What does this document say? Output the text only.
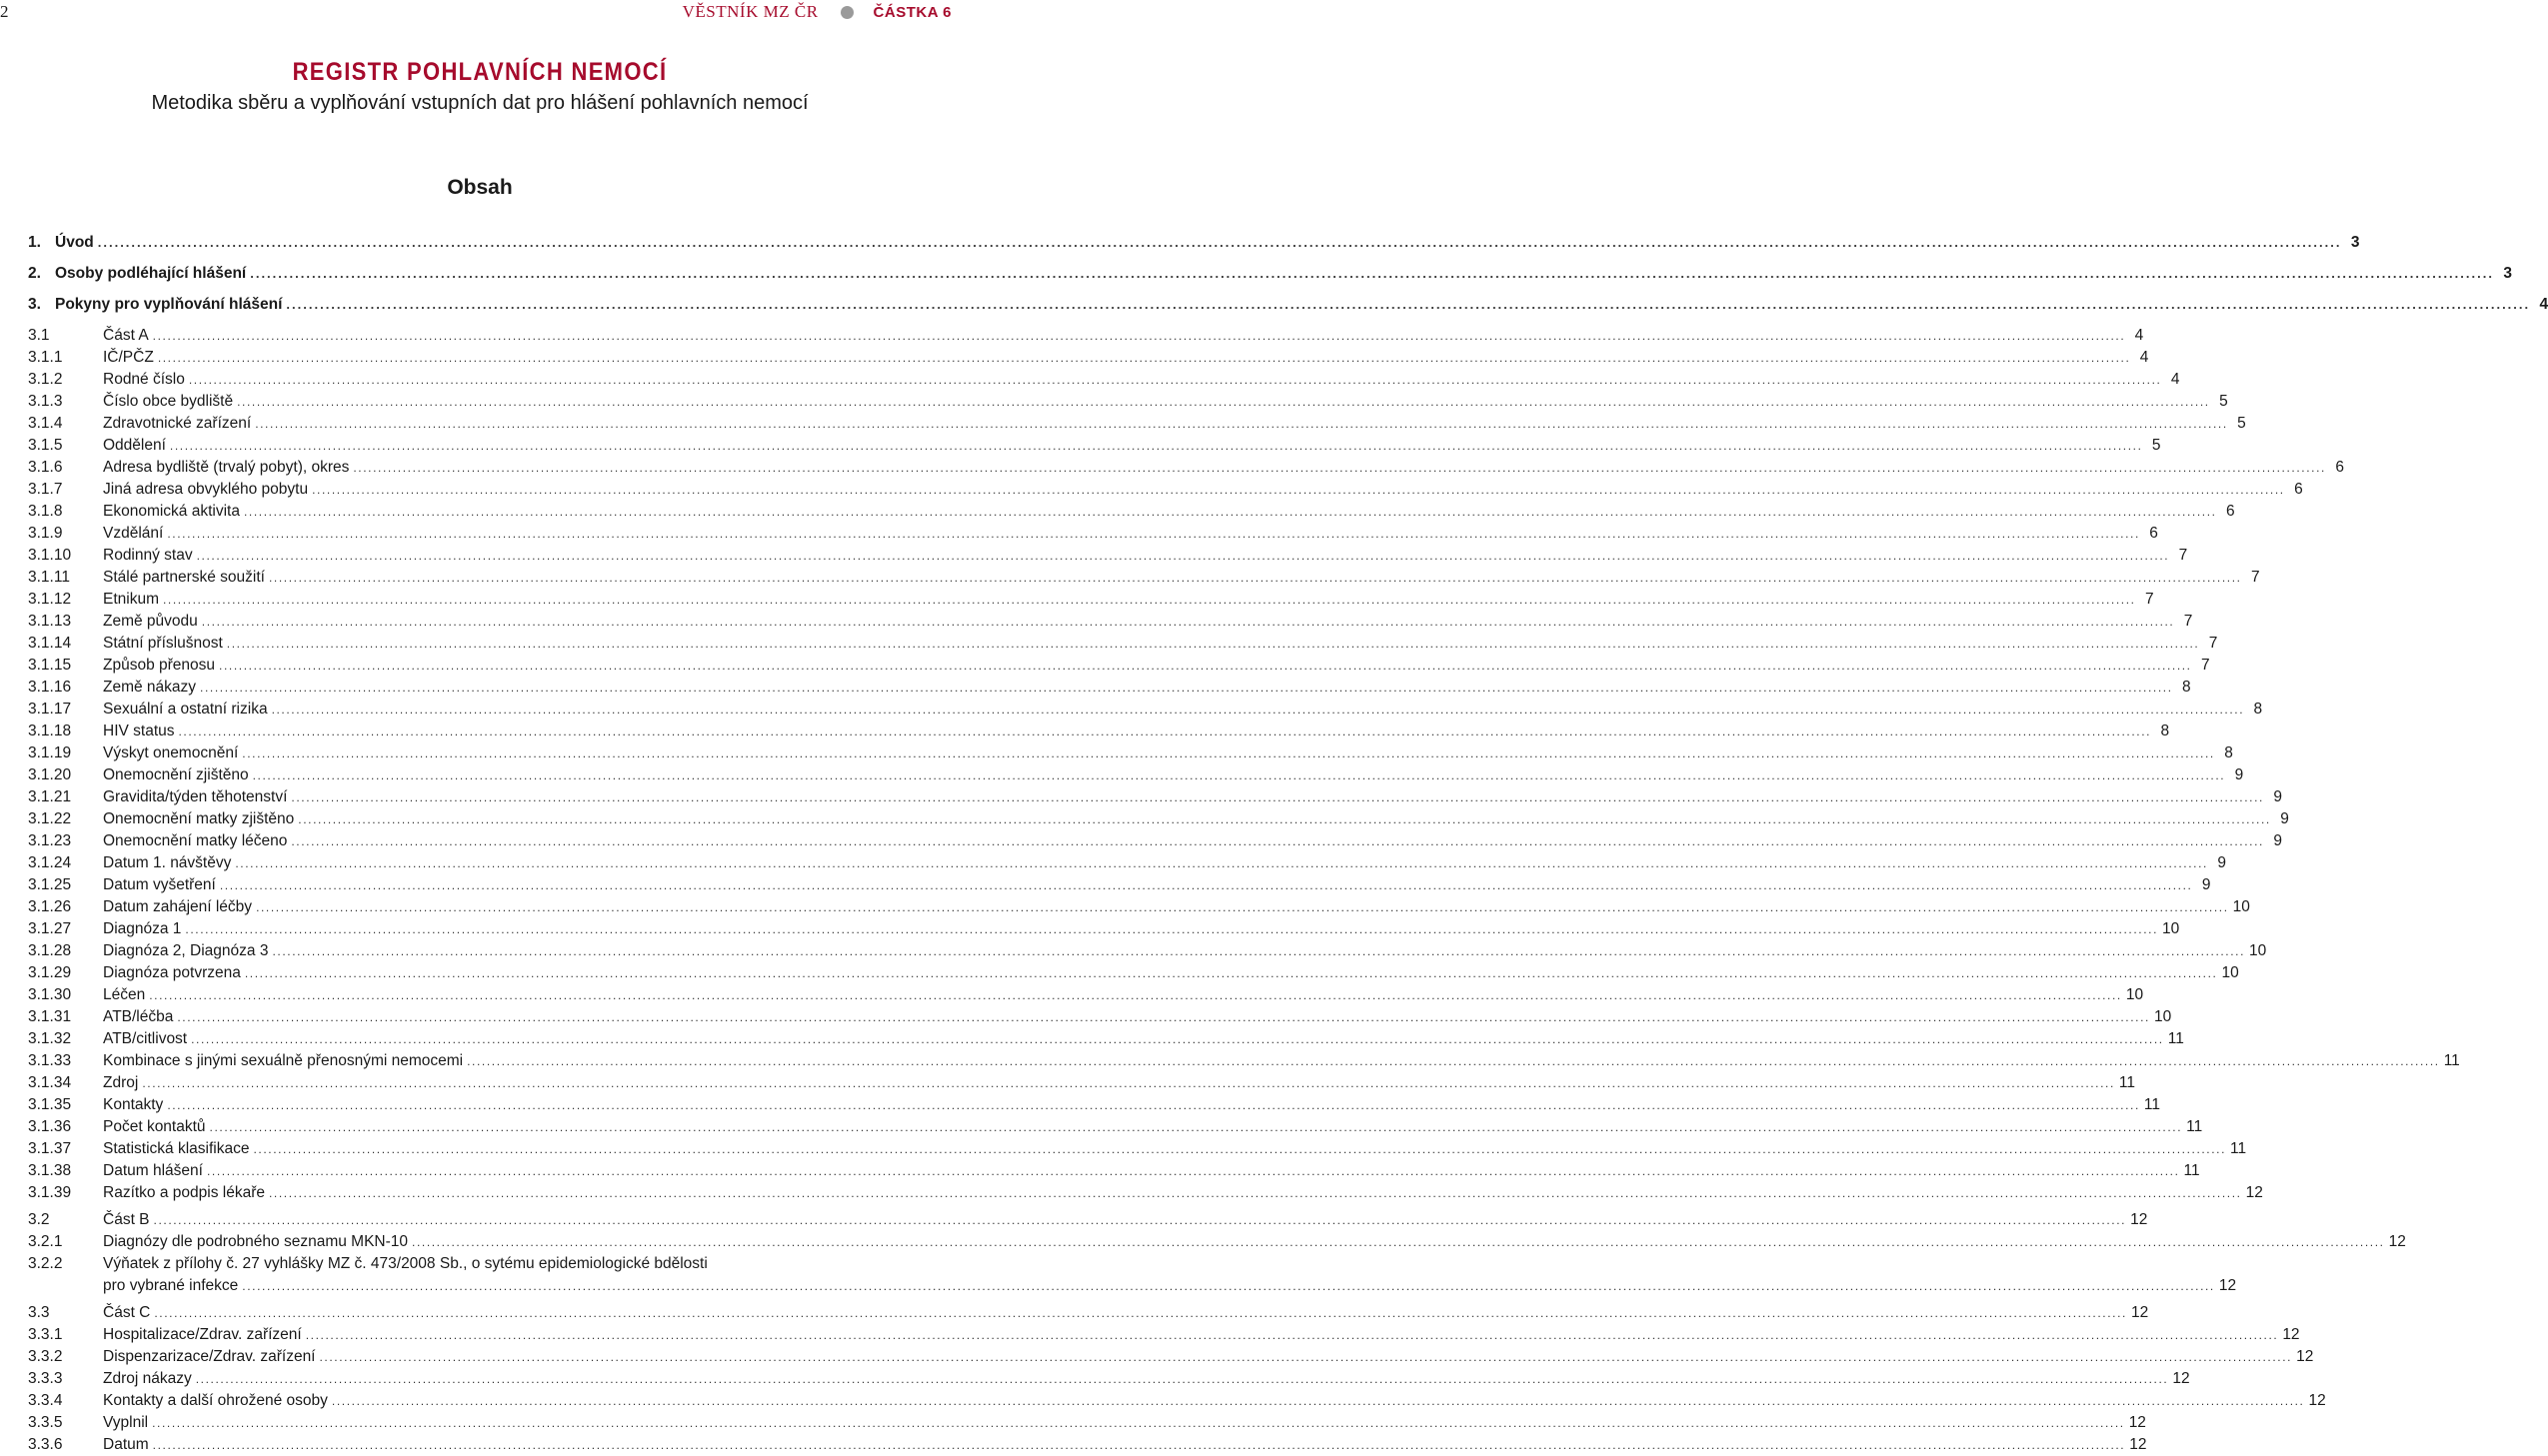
2	VĚSTNÍK MZ ČR	ČÁSTKA 6
REGISTR POHLAVNÍCH NEMOCÍ
Metodika sběru a vyplňování vstupních dat pro hlášení pohlavních nemocí
Obsah
1. Úvod ................................................................................................................................................................................................................................................................................................................................................................................................................ 3
2. Osoby podléhající hlášení ................................................................................................................................................................................................................................................................................................................................................................................................................ 3
3. Pokyny pro vyplňování hlášení ................................................................................................................................................................................................................................................................................................................................................................................................................ 4
3.1	Část A ................................................................................................................................................................................................................................................................................................................................................................................................................ 4
3.1.1	IČ/PČZ ................................................................................................................................................................................................................................................................................................................................................................................................................ 4
3.1.2	Rodné číslo ................................................................................................................................................................................................................................................................................................................................................................................................................ 4
3.1.3	Číslo obce bydliště ................................................................................................................................................................................................................................................................................................................................................................................................................ 5
3.1.4	Zdravotnické zařízení ................................................................................................................................................................................................................................................................................................................................................................................................................ 5
3.1.5	Oddělení ................................................................................................................................................................................................................................................................................................................................................................................................................ 5
3.1.6	Adresa bydliště (trvalý pobyt), okres ................................................................................................................................................................................................................................................................................................................................................................................................................ 6
3.1.7	Jiná adresa obvyklého pobytu ................................................................................................................................................................................................................................................................................................................................................................................................................ 6
3.1.8	Ekonomická aktivita ................................................................................................................................................................................................................................................................................................................................................................................................................ 6
3.1.9	Vzdělání ................................................................................................................................................................................................................................................................................................................................................................................................................ 6
3.1.10 Rodinný stav ................................................................................................................................................................................................................................................................................................................................................................................................................ 7
3.1.11 Stálé partnerské soužití ................................................................................................................................................................................................................................................................................................................................................................................................................ 7
3.1.12 Etnikum ................................................................................................................................................................................................................................................................................................................................................................................................................ 7
3.1.13 Země původu ................................................................................................................................................................................................................................................................................................................................................................................................................ 7
3.1.14 Státní příslušnost ................................................................................................................................................................................................................................................................................................................................................................................................................ 7
3.1.15 Způsob přenosu ................................................................................................................................................................................................................................................................................................................................................................................................................ 7
3.1.16 Země nákazy ................................................................................................................................................................................................................................................................................................................................................................................................................ 8
3.1.17 Sexuální a ostatní rizika ................................................................................................................................................................................................................................................................................................................................................................................................................ 8
3.1.18 HIV status ................................................................................................................................................................................................................................................................................................................................................................................................................ 8
3.1.19 Výskyt onemocnění ................................................................................................................................................................................................................................................................................................................................................................................................................ 8
3.1.20 Onemocnění zjištěno ................................................................................................................................................................................................................................................................................................................................................................................................................ 9
3.1.21 Gravidita/týden těhotenství ................................................................................................................................................................................................................................................................................................................................................................................................................ 9
3.1.22 Onemocnění matky zjištěno ................................................................................................................................................................................................................................................................................................................................................................................................................ 9
3.1.23 Onemocnění matky léčeno ................................................................................................................................................................................................................................................................................................................................................................................................................ 9
3.1.24 Datum 1. návštěvy ................................................................................................................................................................................................................................................................................................................................................................................................................ 9
3.1.25 Datum vyšetření ................................................................................................................................................................................................................................................................................................................................................................................................................ 9
3.1.26 Datum zahájení léčby ................................................................................................................................................................................................................................................................................................................................................................................................................ 10
3.1.27 Diagnóza 1 ................................................................................................................................................................................................................................................................................................................................................................................................................ 10
3.1.28 Diagnóza 2, Diagnóza 3 ................................................................................................................................................................................................................................................................................................................................................................................................................ 10
3.1.29 Diagnóza potvrzena ................................................................................................................................................................................................................................................................................................................................................................................................................ 10
3.1.30 Léčen ................................................................................................................................................................................................................................................................................................................................................................................................................ 10
3.1.31 ATB/léčba ................................................................................................................................................................................................................................................................................................................................................................................................................ 10
3.1.32 ATB/citlivost ................................................................................................................................................................................................................................................................................................................................................................................................................ 11
3.1.33 Kombinace s jinými sexuálně přenosnými nemocemi ................................................................................................................................................................................................................................................................................................................................................................................................................ 11
3.1.34 Zdroj ................................................................................................................................................................................................................................................................................................................................................................................................................ 11
3.1.35 Kontakty ................................................................................................................................................................................................................................................................................................................................................................................................................ 11
3.1.36 Počet kontaktů ................................................................................................................................................................................................................................................................................................................................................................................................................ 11
3.1.37 Statistická klasifikace ................................................................................................................................................................................................................................................................................................................................................................................................................ 11
3.1.38 Datum hlášení ................................................................................................................................................................................................................................................................................................................................................................................................................ 11
3.1.39 Razítko a podpis lékaře ................................................................................................................................................................................................................................................................................................................................................................................................................ 12
3.2	Část B ................................................................................................................................................................................................................................................................................................................................................................................................................ 12
3.2.1	Diagnózy dle podrobného seznamu MKN-10 ................................................................................................................................................................................................................................................................................................................................................................................................................ 12
3.2.2	Výňatek z přílohy č. 27 vyhlášky MZ č. 473/2008 Sb., o sytému epidemiologické bdělosti
pro vybrané infekce ................................................................................................................................................................................................................................................................................................................................................................................................................ 12
3.3	Část C ................................................................................................................................................................................................................................................................................................................................................................................................................ 12
3.3.1	Hospitalizace/Zdrav. zařízení ................................................................................................................................................................................................................................................................................................................................................................................................................ 12
3.3.2	Dispenzarizace/Zdrav. zařízení ................................................................................................................................................................................................................................................................................................................................................................................................................ 12
3.3.3	Zdroj nákazy ................................................................................................................................................................................................................................................................................................................................................................................................................ 12
3.3.4	Kontakty a další ohrožené osoby ................................................................................................................................................................................................................................................................................................................................................................................................................ 12
3.3.5	Vyplnil ................................................................................................................................................................................................................................................................................................................................................................................................................ 12
3.3.6	Datum ................................................................................................................................................................................................................................................................................................................................................................................................................ 12
